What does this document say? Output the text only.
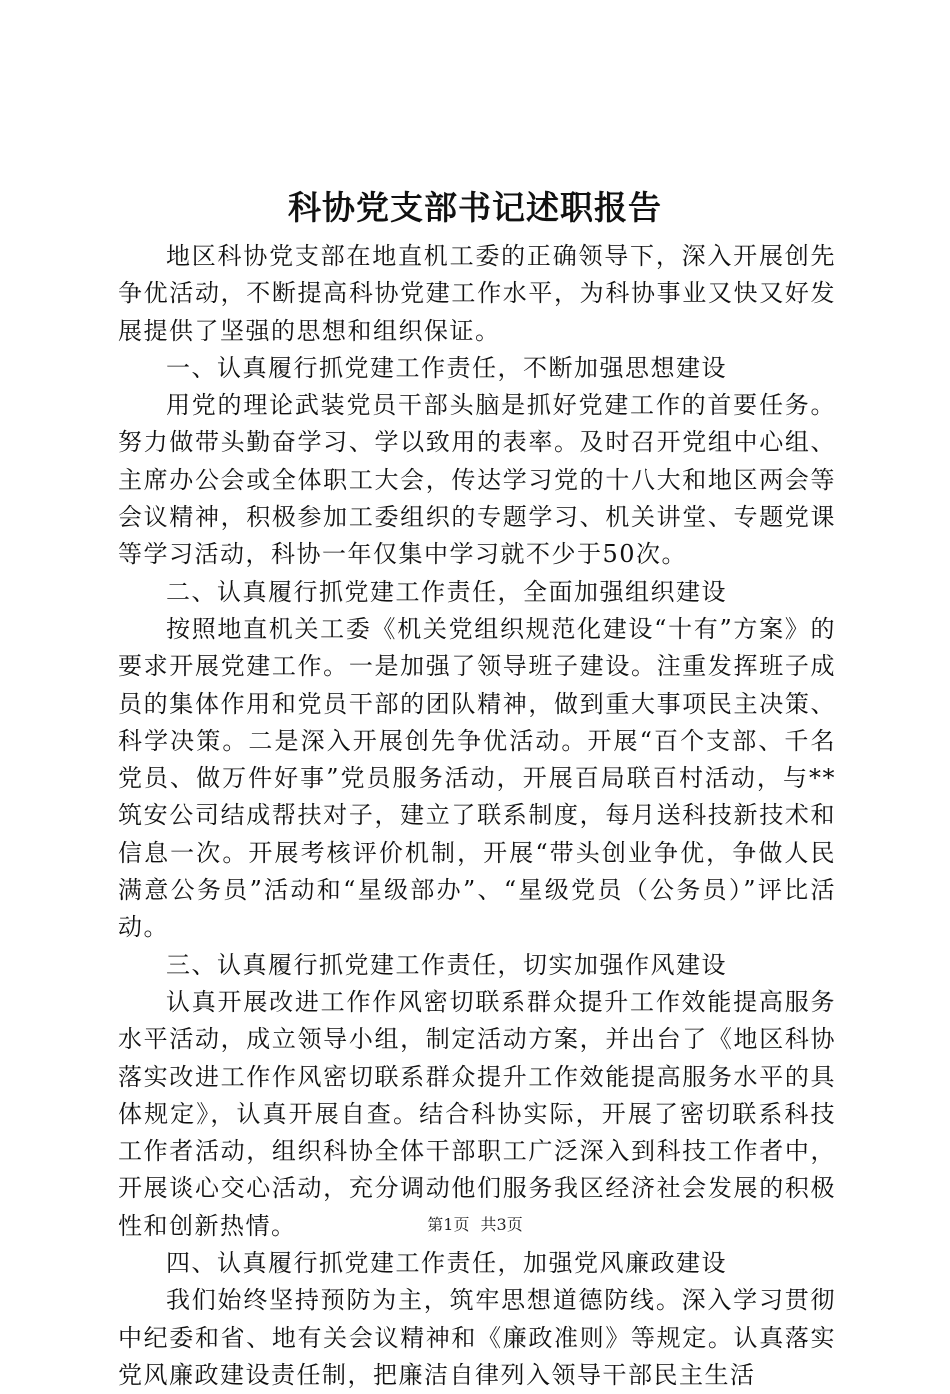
科协党支部书记述职报告

地区科协党支部在地直机工委的正确领导下，深入开展创先争优活动，不断提高科协党建工作水平，为科协事业又快又好发展提供了坚强的思想和组织保证。

一、认真履行抓党建工作责任，不断加强思想建设

用党的理论武装党员干部头脑是抓好党建工作的首要任务。努力做带头勤奋学习、学以致用的表率。及时召开党组中心组、主席办公会或全体职工大会，传达学习党的十八大和地区两会等会议精神，积极参加工委组织的专题学习、机关讲堂、专题党课等学习活动，科协一年仅集中学习就不少于50次。

二、认真履行抓党建工作责任，全面加强组织建设

按照地直机关工委《机关党组织规范化建设“十有”方案》的要求开展党建工作。一是加强了领导班子建设。注重发挥班子成员的集体作用和党员干部的团队精神，做到重大事项民主决策、科学决策。二是深入开展创先争优活动。开展“百个支部、千名党员、做万件好事”党员服务活动，开展百局联百村活动，与**筑安公司结成帮扶对子，建立了联系制度，每月送科技新技术和信息一次。开展考核评价机制，开展“带头创业争优，争做人民满意公务员”活动和“星级部办”、“星级党员（公务员）”评比活动。

三、认真履行抓党建工作责任，切实加强作风建设

认真开展改进工作作风密切联系群众提升工作效能提高服务水平活动，成立领导小组，制定活动方案，并出台了《地区科协落实改进工作作风密切联系群众提升工作效能提高服务水平的具体规定》，认真开展自查。结合科协实际，开展了密切联系科技工作者活动，组织科协全体干部职工广泛深入到科技工作者中，开展谈心交心活动，充分调动他们服务我区经济社会发展的积极性和创新热情。

四、认真履行抓党建工作责任，加强党风廉政建设

我们始终坚持预防为主，筑牢思想道德防线。深入学习贯彻中纪委和省、地有关会议精神和《廉政准则》等规定。认真落实党风廉政建设责任制，把廉洁自律列入领导干部民主生活

第1页 共3页
